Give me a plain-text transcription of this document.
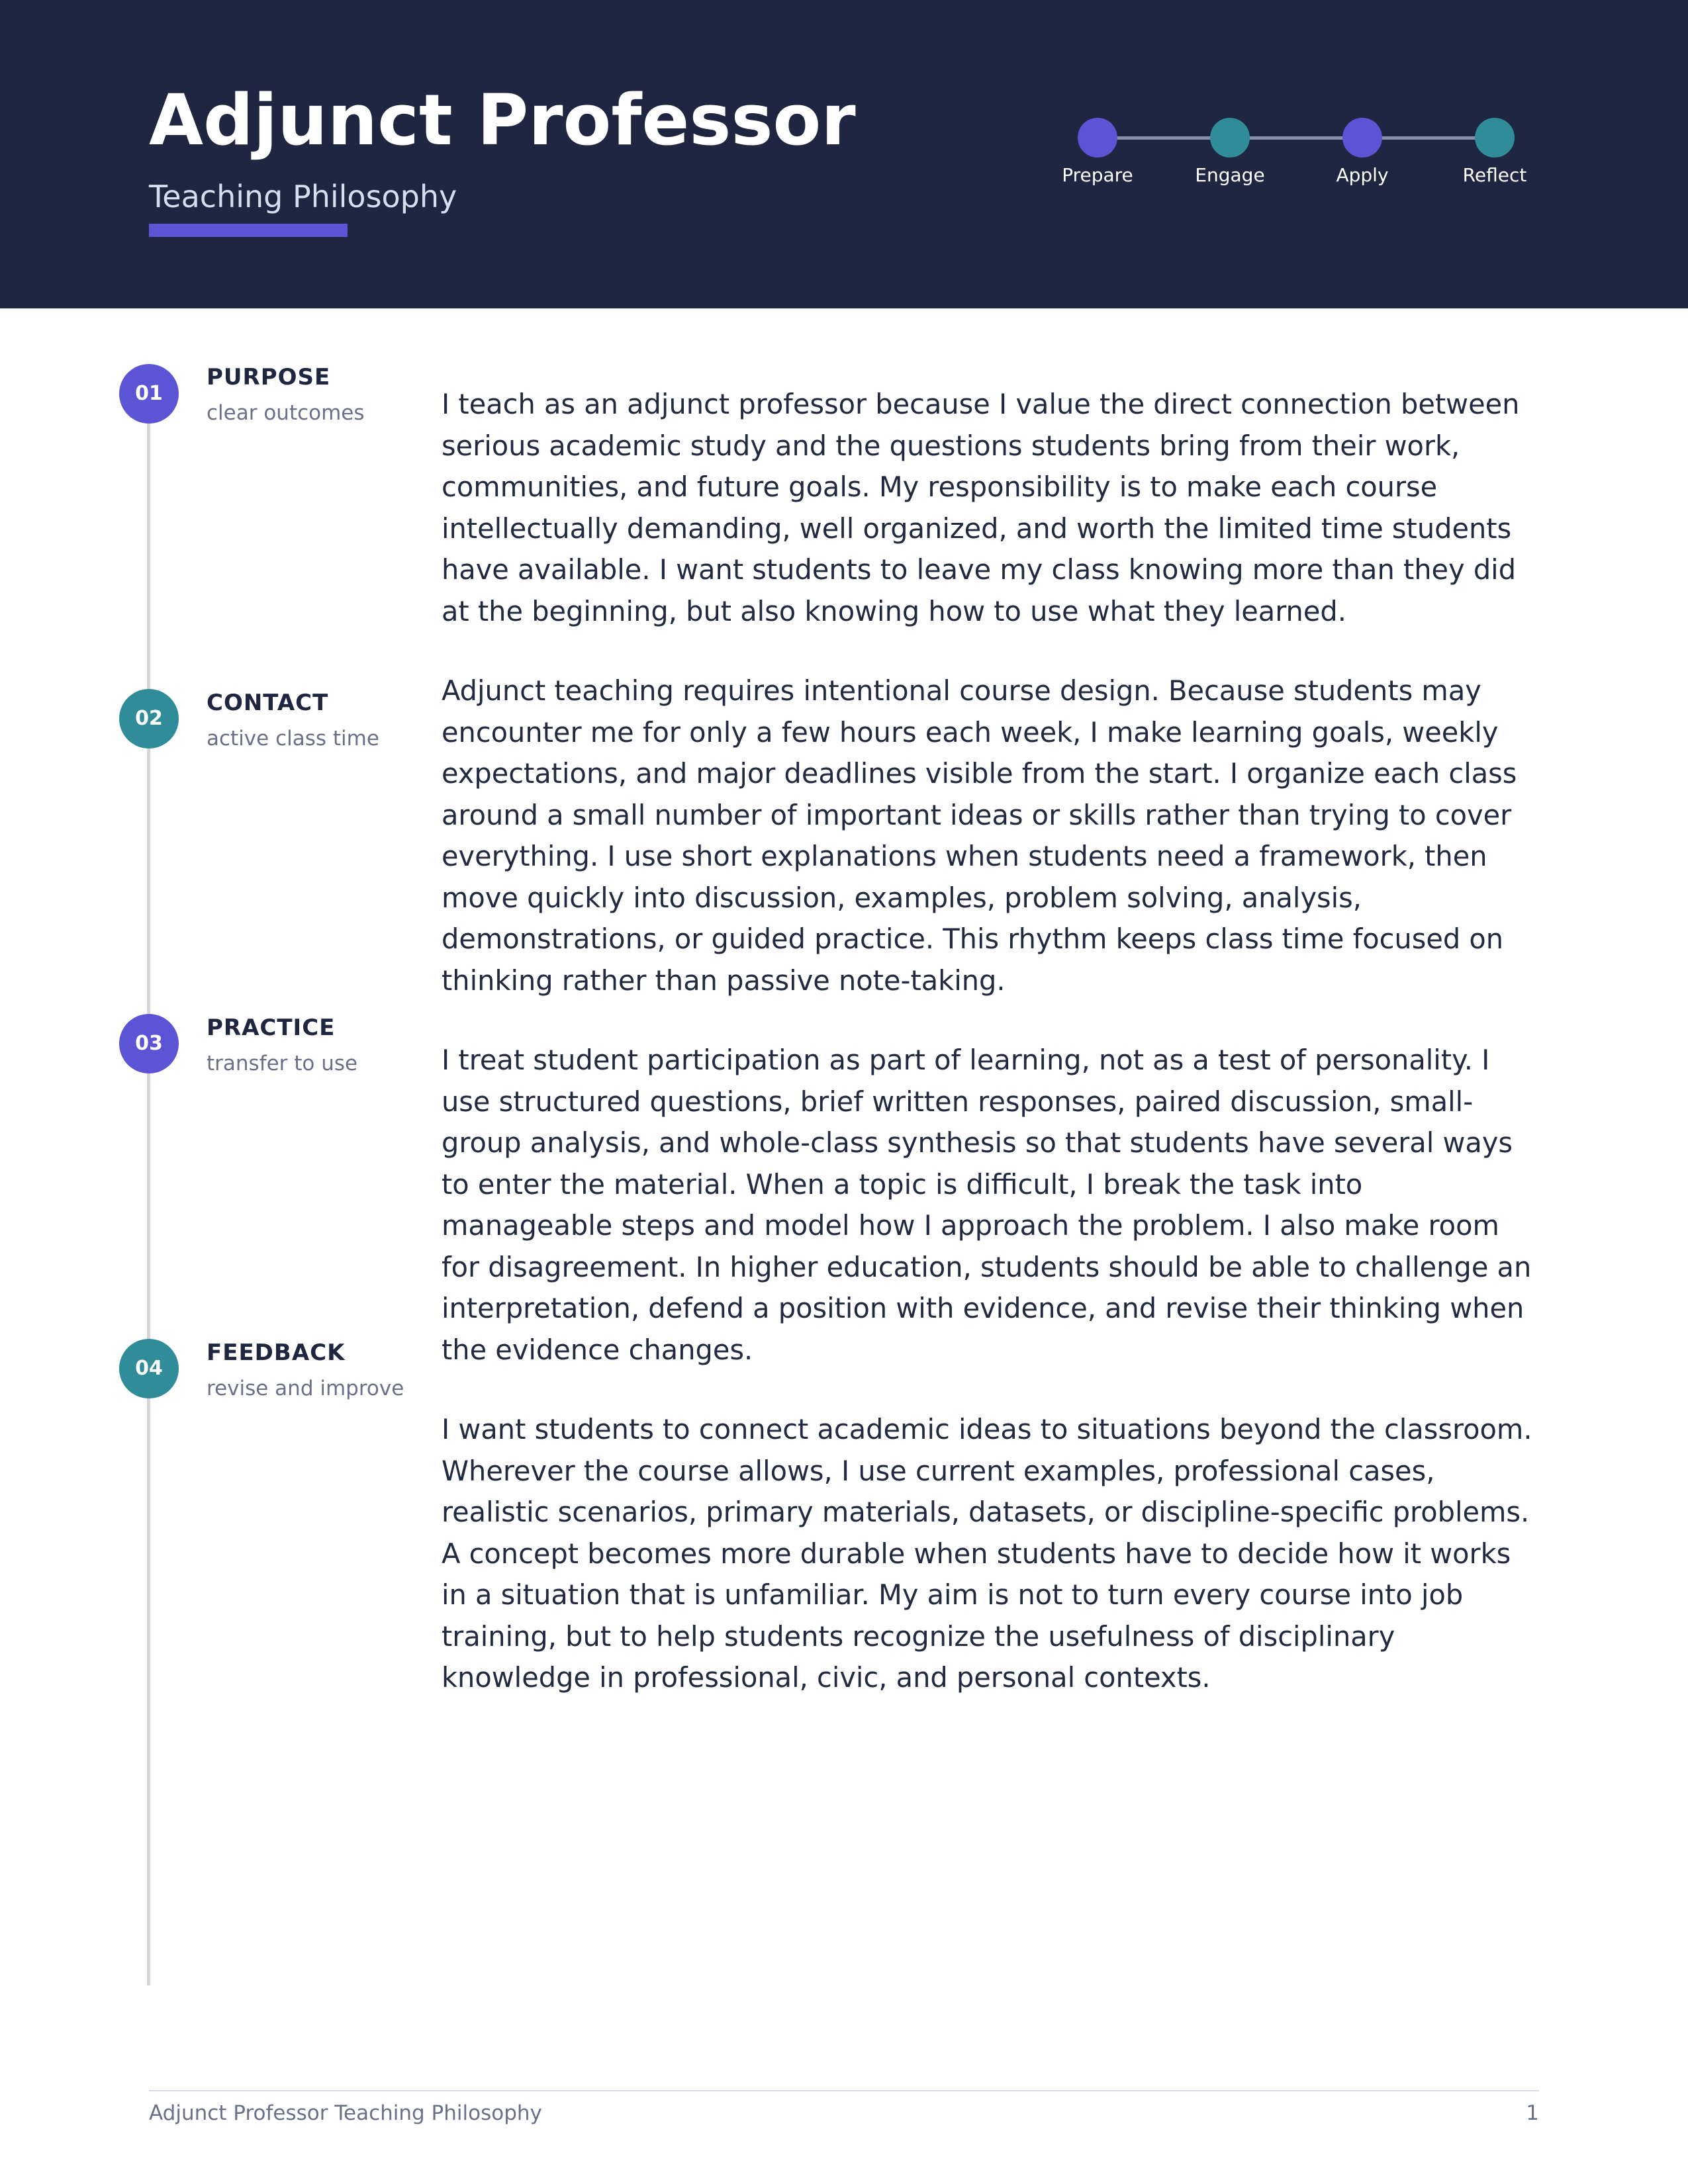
Adjunct Professor
Teaching Philosophy
Prepare	Engage	Apply	Reflect
01
PURPOSE
clear outcomes
02
CONTACT
active class time
03
PRACTICE
transfer to use
04
FEEDBACK
revise and improve

I teach as an adjunct professor because I value the direct connection between serious academic study and the questions students bring from their work, communities, and future goals. My responsibility is to make each course intellectually demanding, well organized, and worth the limited time students have available. I want students to leave my class knowing more than they did at the beginning, but also knowing how to use what they learned.

Adjunct teaching requires intentional course design. Because students may encounter me for only a few hours each week, I make learning goals, weekly expectations, and major deadlines visible from the start. I organize each class around a small number of important ideas or skills rather than trying to cover everything. I use short explanations when students need a framework, then move quickly into discussion, examples, problem solving, analysis, demonstrations, or guided practice. This rhythm keeps class time focused on thinking rather than passive note-taking.

I treat student participation as part of learning, not as a test of personality. I use structured questions, brief written responses, paired discussion, small-group analysis, and whole-class synthesis so that students have several ways to enter the material. When a topic is difficult, I break the task into manageable steps and model how I approach the problem. I also make room for disagreement. In higher education, students should be able to challenge an interpretation, defend a position with evidence, and revise their thinking when the evidence changes.

I want students to connect academic ideas to situations beyond the classroom. Wherever the course allows, I use current examples, professional cases, realistic scenarios, primary materials, datasets, or discipline-specific problems. A concept becomes more durable when students have to decide how it works in a situation that is unfamiliar. My aim is not to turn every course into job training, but to help students recognize the usefulness of disciplinary knowledge in professional, civic, and personal contexts.

Adjunct Professor Teaching Philosophy	1
